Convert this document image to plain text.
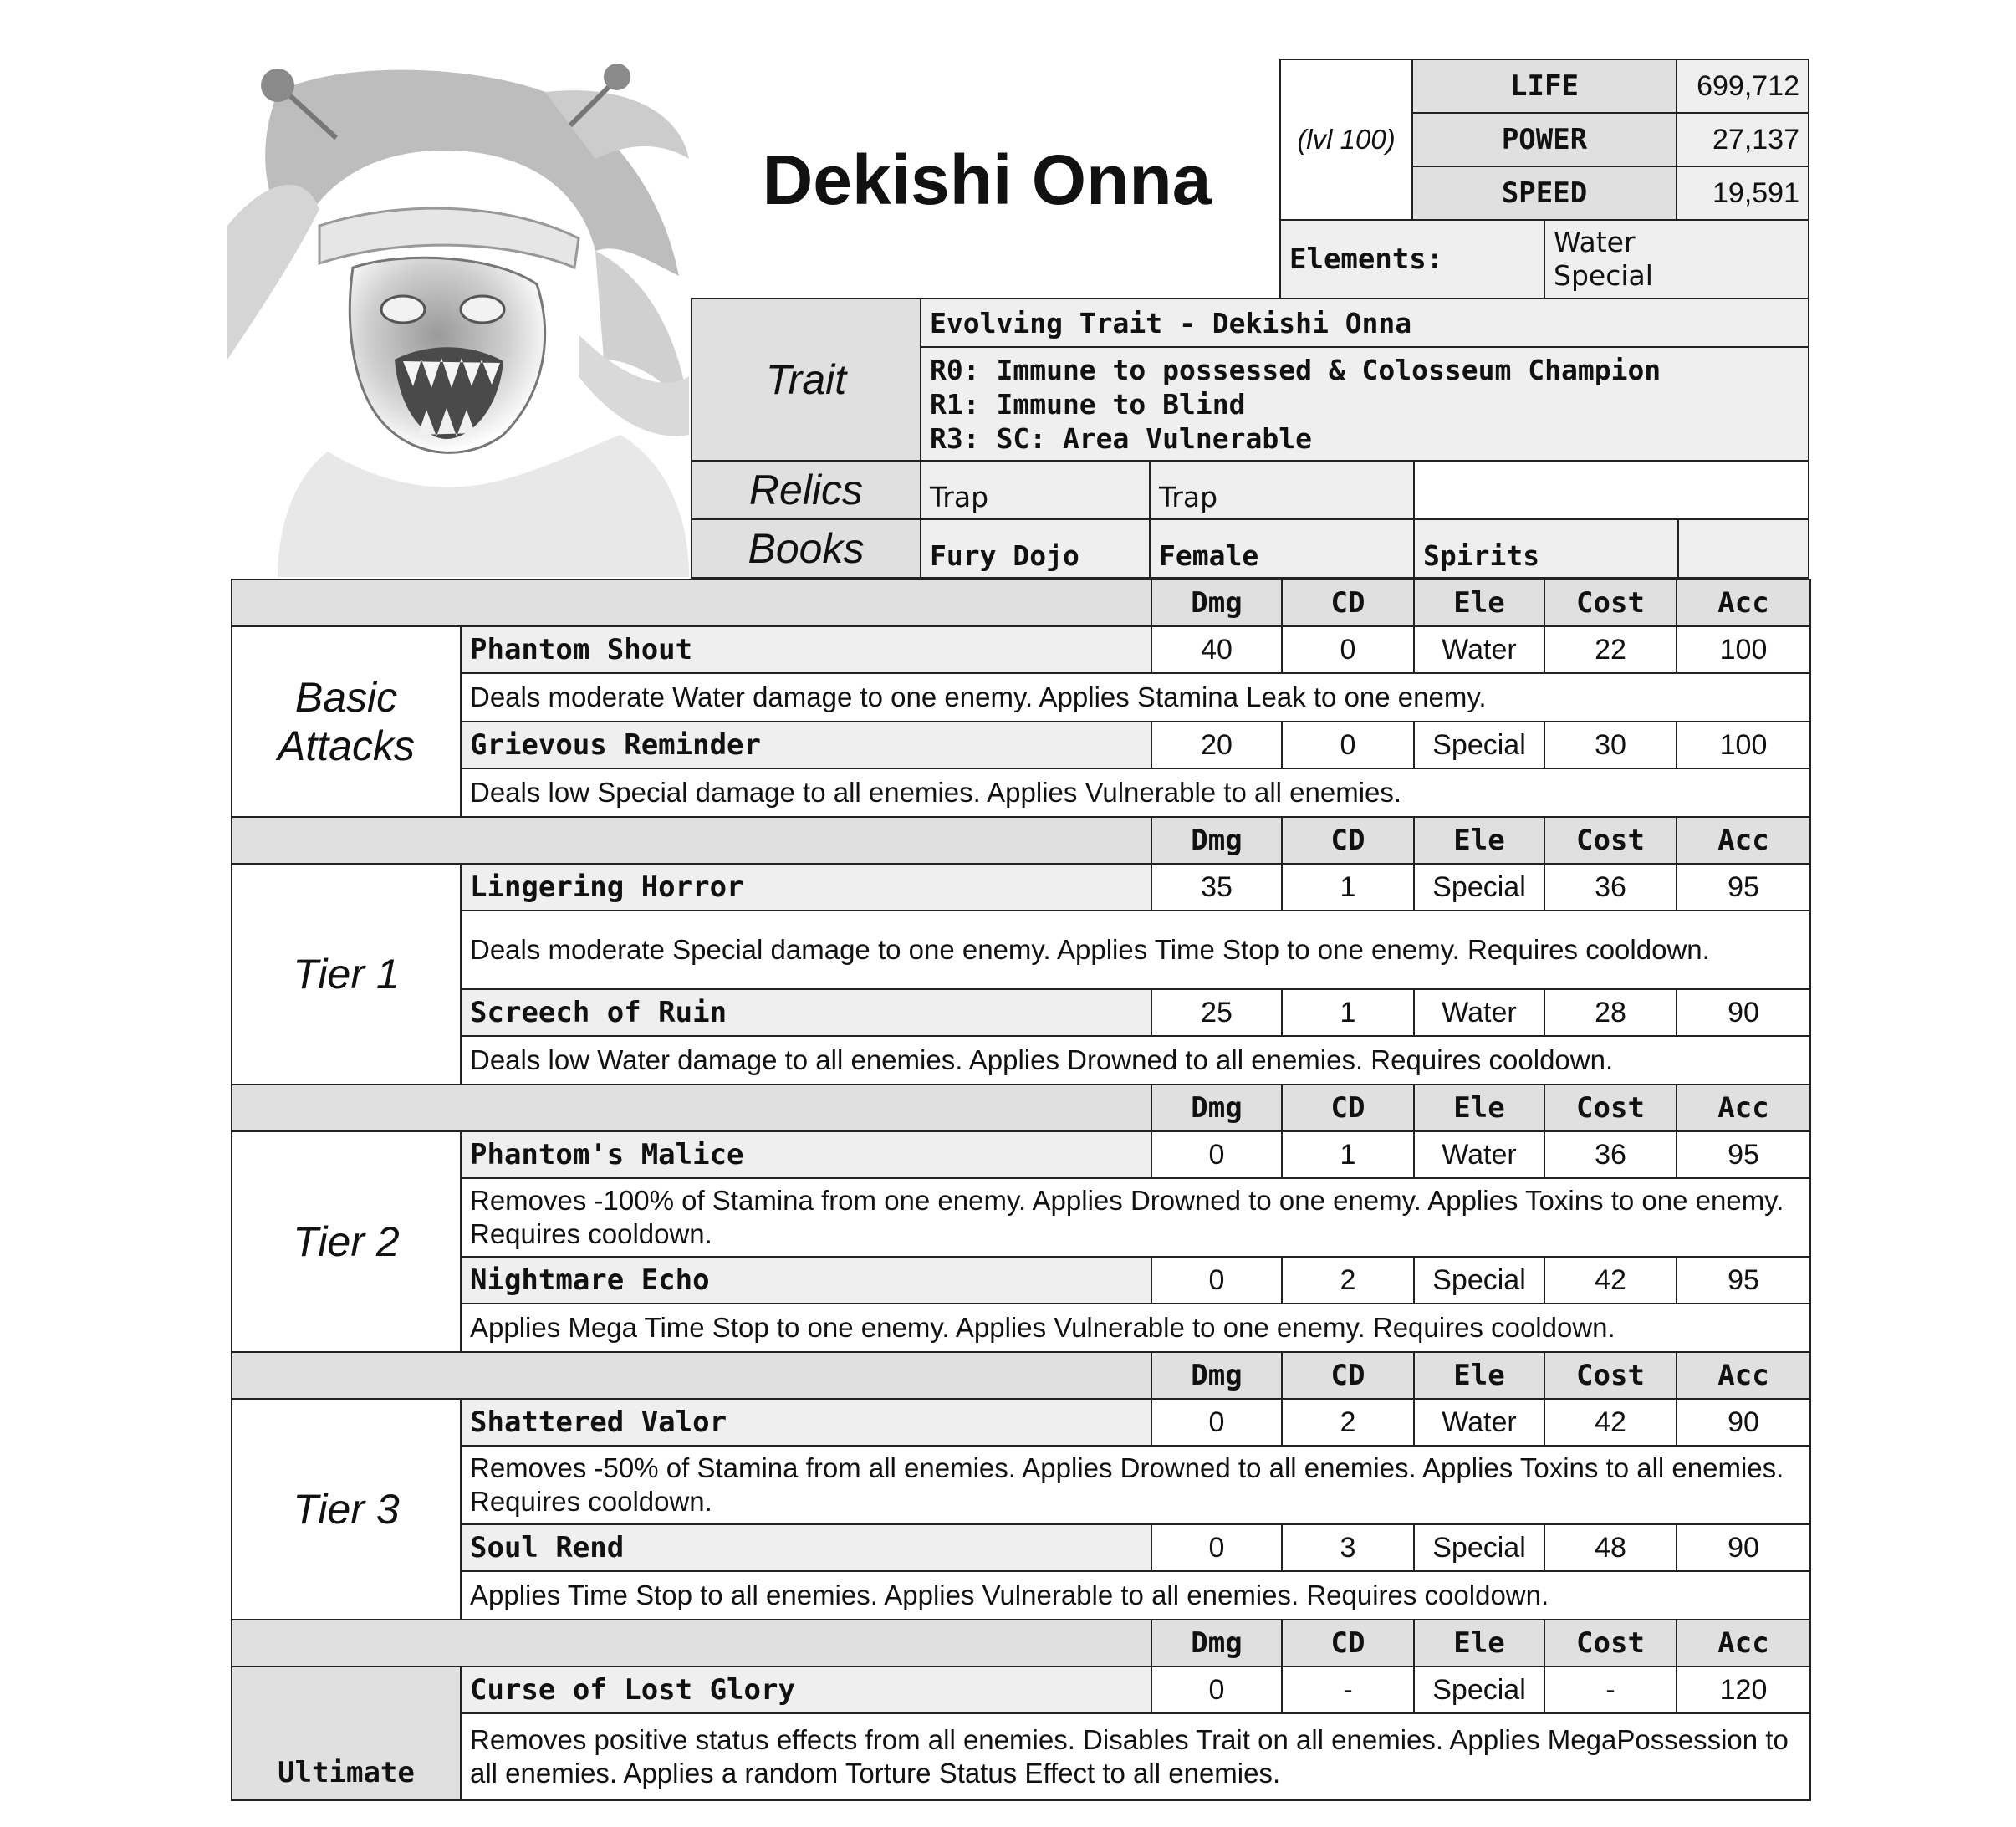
Dekishi Onna
(lvl 100)
LIFE	699,712
POWER	27,137
SPEED	19,591
Elements:
Water
Special
Trait
Evolving Trait - Dekishi Onna
R0: Immune to possessed & Colosseum Champion
R1: Immune to Blind
R3: SC: Area Vulnerable
Relics	Trap	Trap
Books	Fury Dojo	Female	Spirits
Dmg	CD	Ele	Cost	Acc
Basic
Attacks
Phantom Shout	40	0	Water	22	100
Deals moderate Water damage to one enemy. Applies Stamina Leak to one enemy.
Grievous Reminder	20	0	Special	30	100
Deals low Special damage to all enemies. Applies Vulnerable to all enemies.
Dmg	CD	Ele	Cost	Acc
Tier 1
Lingering Horror	35	1	Special	36	95
Deals moderate Special damage to one enemy. Applies Time Stop to one enemy. Requires cooldown.
Screech of Ruin	25	1	Water	28	90
Deals low Water damage to all enemies. Applies Drowned to all enemies. Requires cooldown.
Dmg	CD	Ele	Cost	Acc
Tier 2
Phantom's Malice	0	1	Water	36	95
Removes -100% of Stamina from one enemy. Applies Drowned to one enemy. Applies Toxins to one enemy. Requires cooldown.
Nightmare Echo	0	2	Special	42	95
Applies Mega Time Stop to one enemy. Applies Vulnerable to one enemy. Requires cooldown.
Dmg	CD	Ele	Cost	Acc
Tier 3
Shattered Valor	0	2	Water	42	90
Removes -50% of Stamina from all enemies. Applies Drowned to all enemies. Applies Toxins to all enemies. Requires cooldown.
Soul Rend	0	3	Special	48	90
Applies Time Stop to all enemies. Applies Vulnerable to all enemies. Requires cooldown.
Dmg	CD	Ele	Cost	Acc
Ultimate
Curse of Lost Glory	0	-	Special	-	120
Removes positive status effects from all enemies. Disables Trait on all enemies. Applies MegaPossession to all enemies. Applies a random Torture Status Effect to all enemies.
